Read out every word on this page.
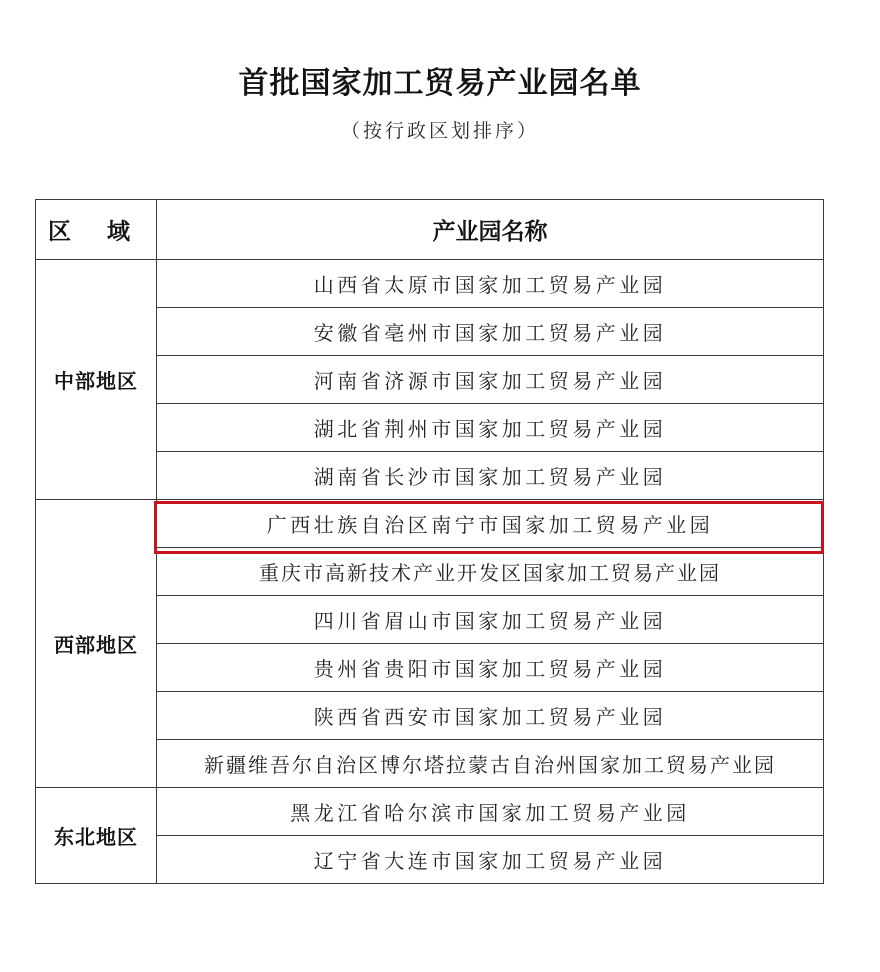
首批国家加工贸易产业园名单
（按行政区划排序）
区 域	产业园名称
中部地区	山西省太原市国家加工贸易产业园
	安徽省亳州市国家加工贸易产业园
	河南省济源市国家加工贸易产业园
	湖北省荆州市国家加工贸易产业园
	湖南省长沙市国家加工贸易产业园
西部地区	广西壮族自治区南宁市国家加工贸易产业园
	重庆市高新技术产业开发区国家加工贸易产业园
	四川省眉山市国家加工贸易产业园
	贵州省贵阳市国家加工贸易产业园
	陕西省西安市国家加工贸易产业园
	新疆维吾尔自治区博尔塔拉蒙古自治州国家加工贸易产业园
东北地区	黑龙江省哈尔滨市国家加工贸易产业园
	辽宁省大连市国家加工贸易产业园
